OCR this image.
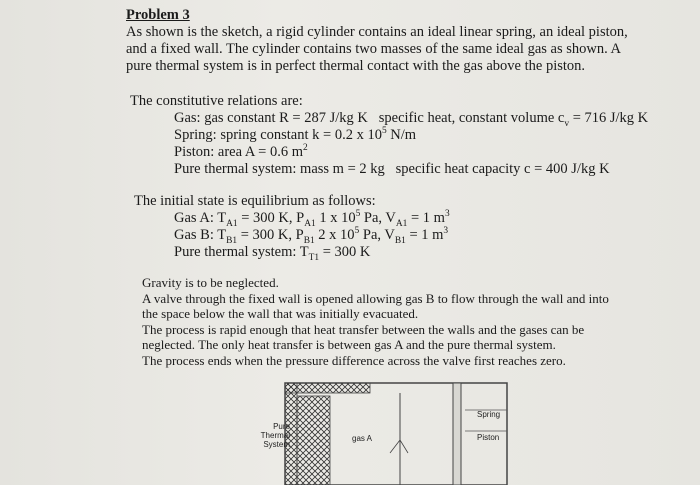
Problem 3
As shown is the sketch, a rigid cylinder contains an ideal linear spring, an ideal piston,
and a fixed wall. The cylinder contains two masses of the same ideal gas as shown. A
pure thermal system is in perfect thermal contact with the gas above the piston.
The constitutive relations are:
Gas: gas constant R = 287 J/kg K specific heat, constant volume $c_v = 716$ J/kg K
Spring: spring constant k = 0.2 x $10^5$ N/m
Piston: area A = 0.6 $m^2$
Pure thermal system: mass m = 2 kg specific heat capacity c = 400 J/kg K
The initial state is equilibrium as follows:
Gas A: $T_{A1} = 300$ K, $P_{A1}$ 1 x $10^5$ Pa, $V_{A1} = 1$ $m^3$
Gas B: $T_{B1} = 300$ K, $P_{B1}$ 2 x $10^5$ Pa, $V_{B1} = 1$ $m^3$
Pure thermal system: $T_{T1} = 300$ K
Gravity is to be neglected.
A valve through the fixed wall is opened allowing gas B to flow through the wall and into
the space below the wall that was initially evacuated.
The process is rapid enough that heat transfer between the walls and the gases can be
neglected. The only heat transfer is between gas A and the pure thermal system.
The process ends when the pressure difference across the valve first reaches zero.
Pure
Thermal
System
gas A
Spring
Piston
